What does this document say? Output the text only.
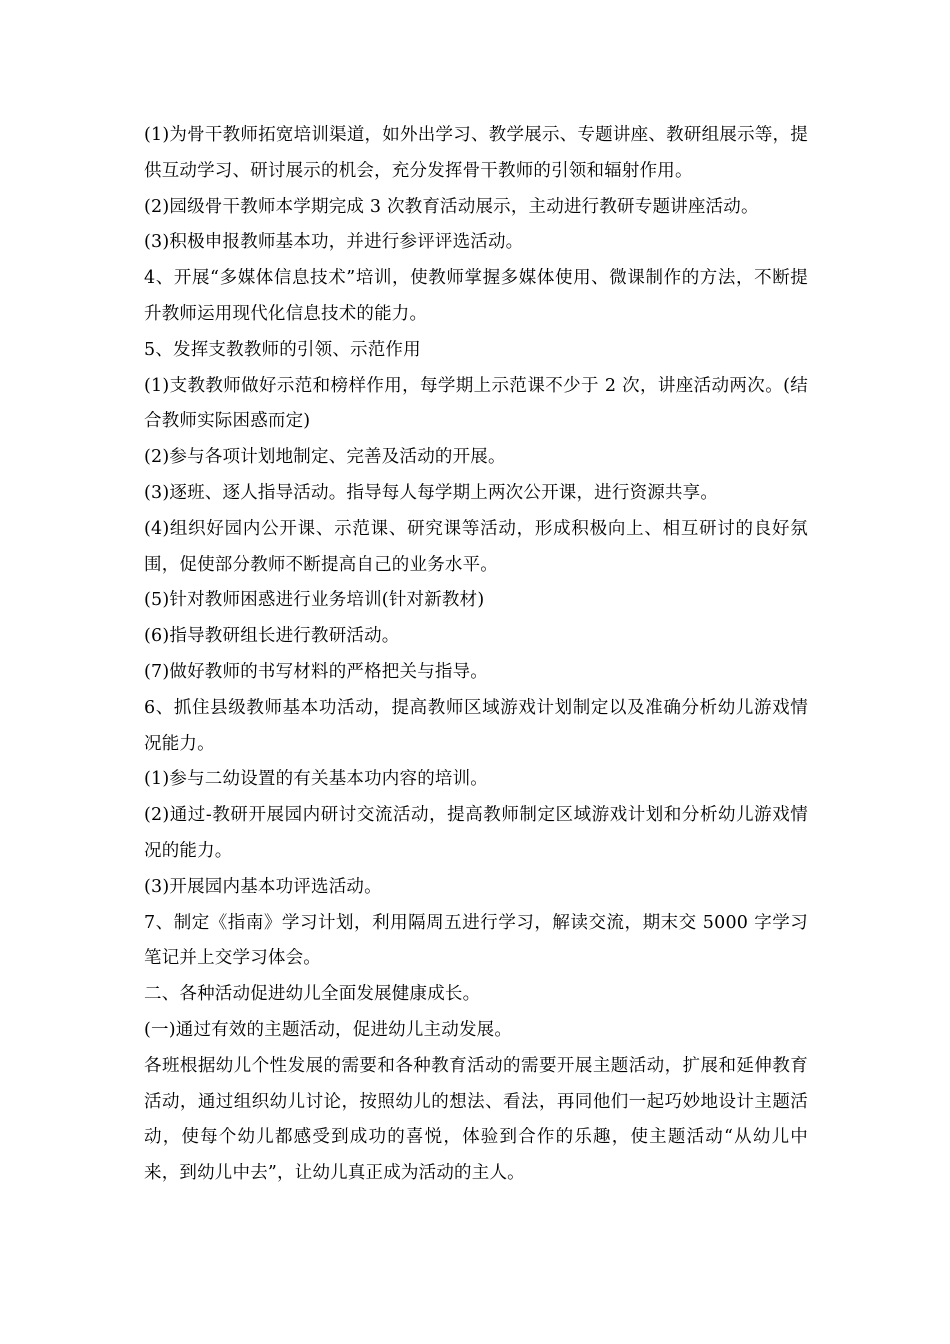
(1)为骨干教师拓宽培训渠道，如外出学习、教学展示、专题讲座、教研组展示等，提供互动学习、研讨展示的机会，充分发挥骨干教师的引领和辐射作用。

(2)园级骨干教师本学期完成 3 次教育活动展示，主动进行教研专题讲座活动。

(3)积极申报教师基本功，并进行参评评选活动。

4、开展“多媒体信息技术”培训，使教师掌握多媒体使用、微课制作的方法，不断提升教师运用现代化信息技术的能力。

5、发挥支教教师的引领、示范作用

(1)支教教师做好示范和榜样作用，每学期上示范课不少于 2 次，讲座活动两次。(结合教师实际困惑而定)

(2)参与各项计划地制定、完善及活动的开展。

(3)逐班、逐人指导活动。指导每人每学期上两次公开课，进行资源共享。

(4)组织好园内公开课、示范课、研究课等活动，形成积极向上、相互研讨的良好氛围，促使部分教师不断提高自己的业务水平。

(5)针对教师困惑进行业务培训(针对新教材)

(6)指导教研组长进行教研活动。

(7)做好教师的书写材料的严格把关与指导。

6、抓住县级教师基本功活动，提高教师区域游戏计划制定以及准确分析幼儿游戏情况能力。

(1)参与二幼设置的有关基本功内容的培训。

(2)通过-教研开展园内研讨交流活动，提高教师制定区域游戏计划和分析幼儿游戏情况的能力。

(3)开展园内基本功评选活动。

7、制定《指南》学习计划，利用隔周五进行学习，解读交流，期末交 5000 字学习笔记并上交学习体会。

二、各种活动促进幼儿全面发展健康成长。

(一)通过有效的主题活动，促进幼儿主动发展。

各班根据幼儿个性发展的需要和各种教育活动的需要开展主题活动，扩展和延伸教育活动，通过组织幼儿讨论，按照幼儿的想法、看法，再同他们一起巧妙地设计主题活动，使每个幼儿都感受到成功的喜悦，体验到合作的乐趣，使主题活动“从幼儿中来，到幼儿中去”，让幼儿真正成为活动的主人。
